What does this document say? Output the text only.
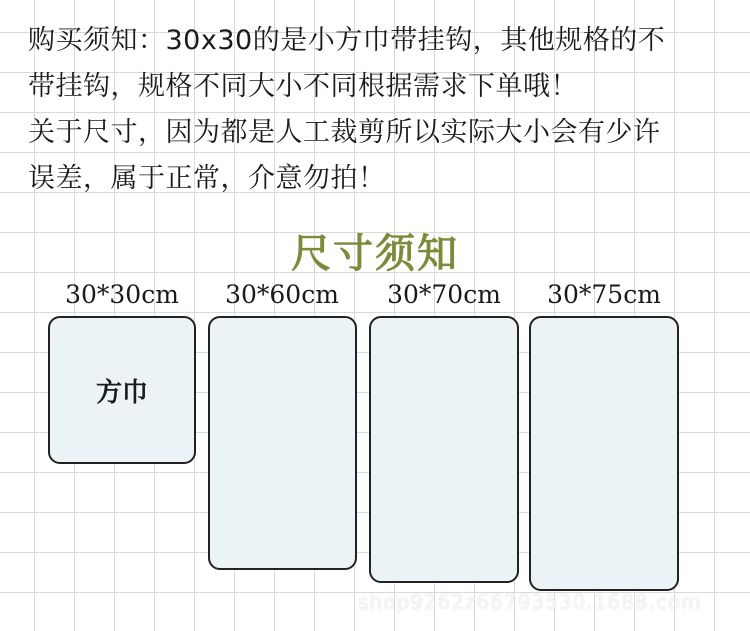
购买须知：30x30的是小方巾带挂钩，其他规格的不

带挂钩，规格不同大小不同根据需求下单哦！

关于尺寸，因为都是人工裁剪所以实际大小会有少许

误差，属于正常，介意勿拍！

尺寸须知
30*30cm	30*60cm	30*70cm	30*75cm
方巾
shop9262z66793530.1688.com
